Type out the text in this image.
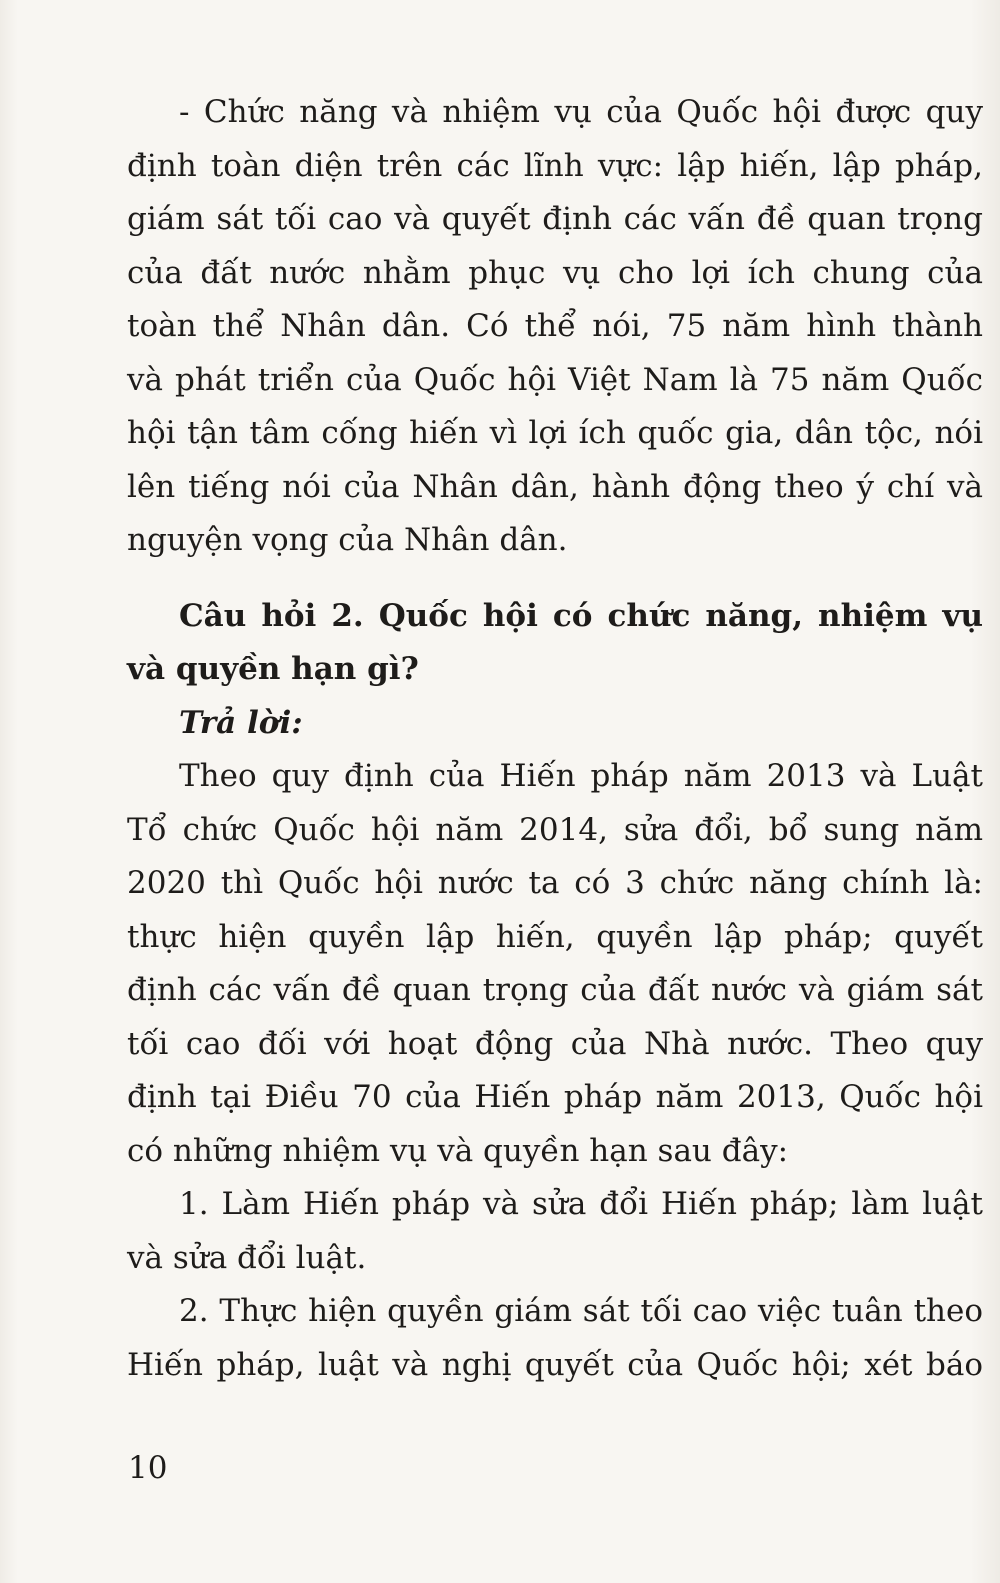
- Chức năng và nhiệm vụ của Quốc hội được quy
định toàn diện trên các lĩnh vực: lập hiến, lập pháp,
giám sát tối cao và quyết định các vấn đề quan trọng
của đất nước nhằm phục vụ cho lợi ích chung của
toàn thể Nhân dân. Có thể nói, 75 năm hình thành
và phát triển của Quốc hội Việt Nam là 75 năm Quốc
hội tận tâm cống hiến vì lợi ích quốc gia, dân tộc, nói
lên tiếng nói của Nhân dân, hành động theo ý chí và
nguyện vọng của Nhân dân.

Câu hỏi 2. Quốc hội có chức năng, nhiệm vụ
và quyền hạn gì?

Trả lời:

Theo quy định của Hiến pháp năm 2013 và Luật
Tổ chức Quốc hội năm 2014, sửa đổi, bổ sung năm
2020 thì Quốc hội nước ta có 3 chức năng chính là:
thực hiện quyền lập hiến, quyền lập pháp; quyết
định các vấn đề quan trọng của đất nước và giám sát
tối cao đối với hoạt động của Nhà nước. Theo quy
định tại Điều 70 của Hiến pháp năm 2013, Quốc hội
có những nhiệm vụ và quyền hạn sau đây:

1. Làm Hiến pháp và sửa đổi Hiến pháp; làm luật
và sửa đổi luật.

2. Thực hiện quyền giám sát tối cao việc tuân theo
Hiến pháp, luật và nghị quyết của Quốc hội; xét báo

10
